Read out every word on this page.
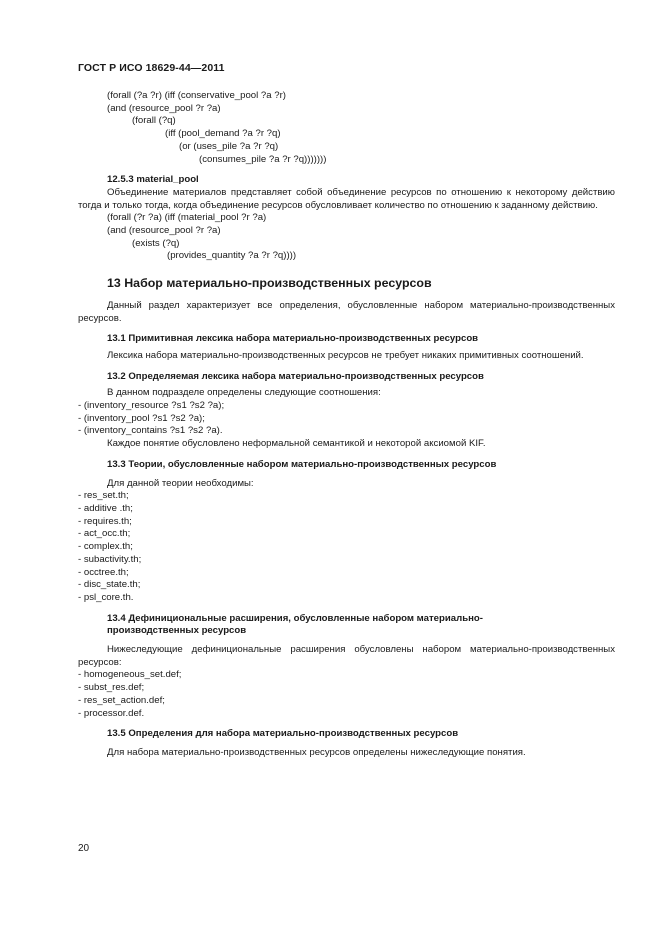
ГОСТ Р ИСО 18629-44—2011
(forall (?a ?r) (iff (conservative_pool ?a ?r)
(and (resource_pool ?r ?a)
(forall (?q)
(iff (pool_demand ?a ?r ?q)
(or (uses_pile ?a ?r ?q)
(consumes_pile ?a ?r ?q)))))))
12.5.3 material_pool
Объединение материалов представляет собой объединение ресурсов по отношению к некоторому действию тогда и только тогда, когда объединение ресурсов обусловливает количество по отношению к заданному действию.
(forall (?r ?a) (iff (material_pool ?r ?a)
(and (resource_pool ?r ?a)
(exists (?q)
(provides_quantity ?a ?r ?q))))
13 Набор материально-производственных ресурсов
Данный раздел характеризует все определения, обусловленные набором материально-производственных ресурсов.
13.1 Примитивная лексика набора материально-производственных ресурсов
Лексика набора материально-производственных ресурсов не требует никаких примитивных соотношений.
13.2 Определяемая лексика набора материально-производственных ресурсов
В данном подразделе определены следующие соотношения:
- (inventory_resource ?s1 ?s2 ?a);
- (inventory_pool ?s1 ?s2 ?a);
- (inventory_contains ?s1 ?s2 ?a).
Каждое понятие обусловлено неформальной семантикой и некоторой аксиомой KIF.
13.3 Теории, обусловленные набором материально-производственных ресурсов
Для данной теории необходимы:
- res_set.th;
- additive .th;
- requires.th;
- act_occ.th;
- complex.th;
- subactivity.th;
- occtree.th;
- disc_state.th;
- psl_core.th.
13.4 Дефинициональные расширения, обусловленные набором материально-
производственных ресурсов
Нижеследующие дефинициональные расширения обусловлены набором материально-производственных ресурсов:
- homogeneous_set.def;
- subst_res.def;
- res_set_action.def;
- processor.def.
13.5 Определения для набора материально-производственных ресурсов
Для набора материально-производственных ресурсов определены нижеследующие понятия.
20
